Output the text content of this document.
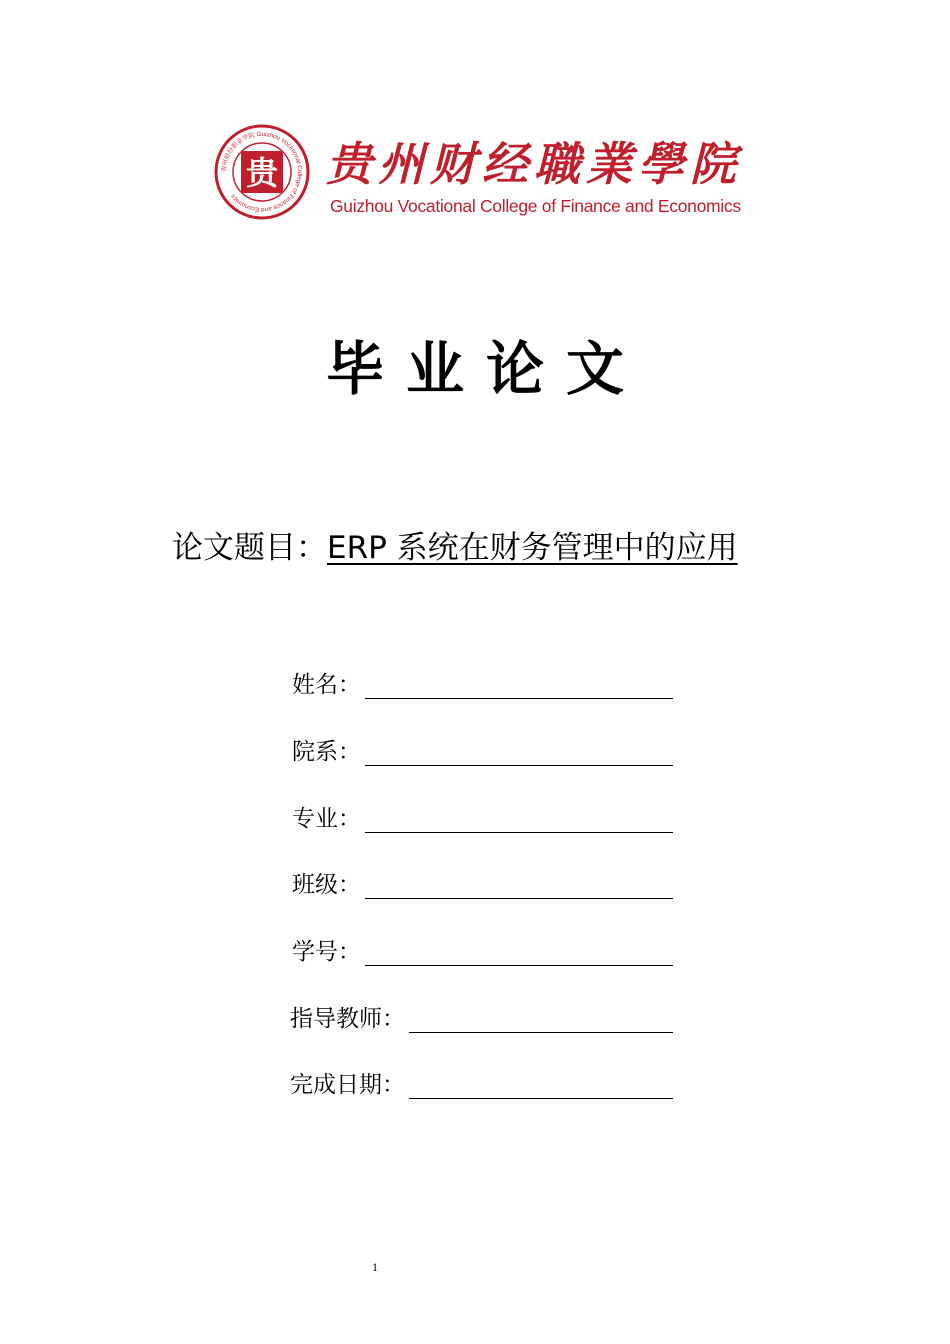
贵州财经职业学院 Guizhou Vocational College of Finance and Economics
贵 贵州财经職業學院
Guizhou Vocational College of Finance and Economics
毕业论文
论文题目：ERP 系统在财务管理中的应用
姓名：
院系：
专业：
班级：
学号：
指导教师：
完成日期：
1
